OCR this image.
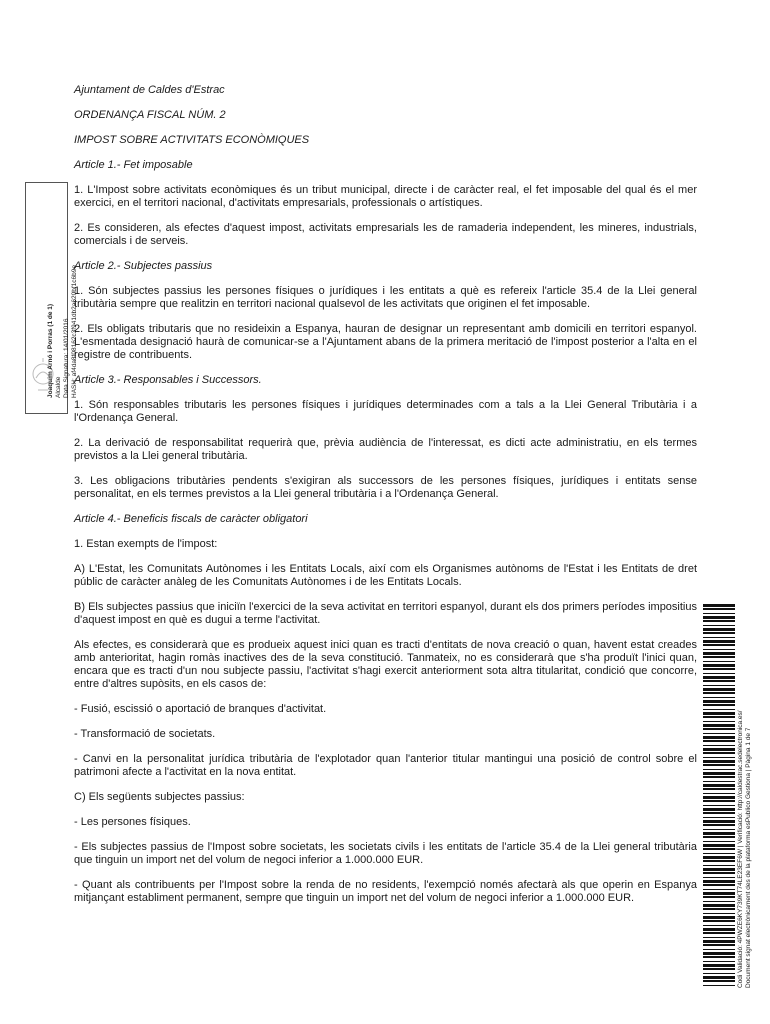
Ajuntament de Caldes d'Estrac

ORDENANÇA FISCAL NÚM. 2

IMPOST SOBRE ACTIVITATS ECONÒMIQUES

Article 1.- Fet imposable

1. L'Impost sobre activitats econòmiques és un tribut municipal, directe i de caràcter real, el fet imposable del qual és el mer exercici, en el territori nacional, d'activitats empresarials, professionals o artístiques.

2. Es consideren, als efectes d'aquest impost, activitats empresarials les de ramaderia independent, les mineres, industrials, comercials i de serveis.

Article 2.- Subjectes passius

1. Són subjectes passius les persones físiques o jurídiques i les entitats a què es refereix l'article 35.4 de la Llei general tributària sempre que realitzin en territori nacional qualsevol de les activitats que originen el fet imposable.

2. Els obligats tributaris que no resideixin a Espanya, hauran de designar un representant amb domicili en territori espanyol. L'esmentada designació haurà de comunicar-se a l'Ajuntament abans de la primera meritació de l'impost posterior a l'alta en el registre de contribuents.

Article 3.- Responsables i Successors.

1. Són responsables tributaris les persones físiques i jurídiques determinades com a tals a la Llei General Tributària i a l'Ordenança General.

2. La derivació de responsabilitat requerirà que, prèvia audiència de l'interessat, es dicti acte administratiu, en els termes previstos a la Llei general tributària.

3. Les obligacions tributàries pendents s'exigiran als successors de les persones físiques, jurídiques i entitats sense personalitat, en els termes previstos a la Llei general tributària i a l'Ordenança General.

Article 4.- Beneficis fiscals de caràcter obligatori

1. Estan exempts de l'impost:

A) L'Estat, les Comunitats Autònomes i les Entitats Locals, així com els Organismes autònoms de l'Estat i les Entitats de dret públic de caràcter anàleg de les Comunitats Autònomes i de les Entitats Locals.

B) Els subjectes passius que iniciïn l'exercici de la seva activitat en territori espanyol, durant els dos primers períodes impositius d'aquest impost en què es dugui a terme l'activitat.

Als efectes, es considerarà que es produeix aquest inici quan es tracti d'entitats de nova creació o quan, havent estat creades amb anterioritat, hagin romàs inactives des de la seva constitució. Tanmateix, no es considerarà que s'ha produït l'inici quan, encara que es tracti d'un nou subjecte passiu, l'activitat s'hagi exercit anteriorment sota altra titularitat, condició que concorre, entre d'altres supòsits, en els casos de:

- Fusió, escissió o aportació de branques d'activitat.

- Transformació de societats.

- Canvi en la personalitat jurídica tributària de l'explotador quan l'anterior titular mantingui una posició de control sobre el patrimoni afecte a l'activitat en la nova entitat.

C) Els següents subjectes passius:

- Les persones físiques.

- Els subjectes passius de l'Impost sobre societats, les societats civils i les entitats de l'article 35.4 de la Llei general tributària que tinguin un import net del volum de negoci inferior a 1.000.000 EUR.

- Quant als contribuents per l'Impost sobre la renda de no residents, l'exempció només afectarà als que operin en Espanya mitjançant establiment permanent, sempre que tinguin un import net del volum de negoci inferior a 1.000.000 EUR.

Joaquim Arnó i Porras (1 de 1) Alcalde Data Signatura: 14/01/2016 HASH: af4da8f08162c3f941db2a620bf1c6b9e
Codi Validació: 4PWZE6KY739KT74LE23EF6W | Verificació: http://caldestrac.sedelectronica.es/ Document signat electrònicament des de la plataforma esPublico Gestiona | Pàgina 1 de 7
